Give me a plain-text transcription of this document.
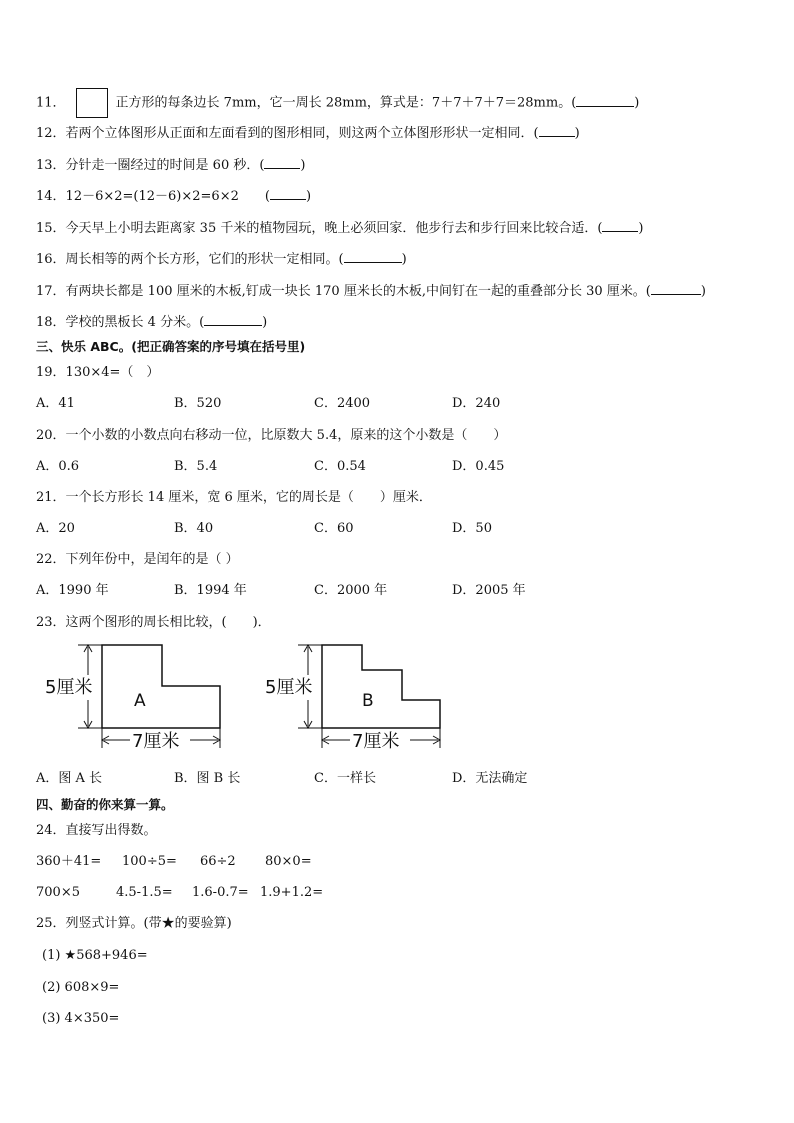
11．	正方形的每条边长 7mm，它一周长 28mm，算式是：7＋7＋7＋7＝28mm。(	)
12．若两个立体图形从正面和左面看到的图形相同，则这两个立体图形形状一定相同．(	)
13．分针走一圈经过的时间是 60 秒．(	)
14．12－6×2=(12－6)×2=6×2　　(	)
15．今天早上小明去距离家 35 千米的植物园玩，晚上必须回家．他步行去和步行回来比较合适．(	)
16．周长相等的两个长方形，它们的形状一定相同。(	)
17．有两块长都是 100 厘米的木板,钉成一块长 170 厘米长的木板,中间钉在一起的重叠部分长 30 厘米。(	)
18．学校的黑板长 4 分米。(	)
三、快乐 ABC。(把正确答案的序号填在括号里)
19．130×4=（　）
A．41	B．520	C．2400	D．240
20．一个小数的小数点向右移动一位，比原数大 5.4，原来的这个小数是（　　）
A．0.6	B．5.4	C．0.54	D．0.45
21．一个长方形长 14 厘米，宽 6 厘米，它的周长是（　　）厘米．
A．20	B．40	C．60	D．50
22．下列年份中，是闰年的是（ ）
A．1990 年	B．1994 年	C．2000 年	D．2005 年
23．这两个图形的周长相比较，(　　)．
5厘米
7厘米
A
5厘米
7厘米
B
A．图 A 长	B．图 B 长	C．一样长	D．无法确定
四、勤奋的你来算一算。
24．直接写出得数。
360＋41= 100÷5= 66÷2 80×0=
700×5	4.5-1.5= 1.6-0.7= 1.9+1.2=
25．列竖式计算。(带★的要验算)
(1) ★568+946=
(2) 608×9=
(3) 4×350=
